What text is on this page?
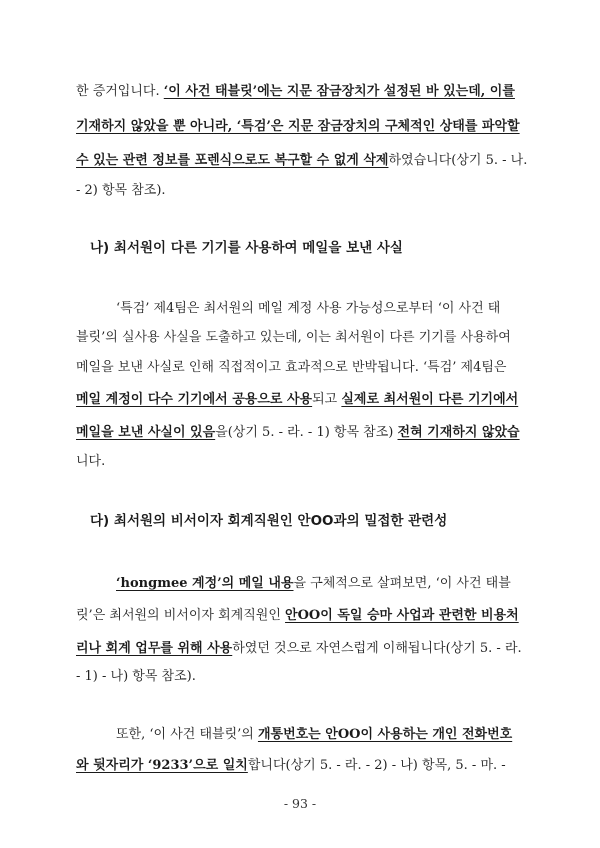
한 증거입니다. ‘이 사건 태블릿’에는 지문 잠금장치가 설정된 바 있는데, 이를
기재하지 않았을 뿐 아니라, ‘특검’은 지문 잠금장치의 구체적인 상태를 파악할
수 있는 관련 정보를 포렌식으로도 복구할 수 없게 삭제하였습니다(상기 5. - 나.
- 2) 항목 참조).
나) 최서원이 다른 기기를 사용하여 메일을 보낸 사실
‘특검’ 제4팀은 최서원의 메일 계정 사용 가능성으로부터 ‘이 사건 태
블릿’의 실사용 사실을 도출하고 있는데, 이는 최서원이 다른 기기를 사용하여
메일을 보낸 사실로 인해 직접적이고 효과적으로 반박됩니다. ‘특검’ 제4팀은
메일 계정이 다수 기기에서 공용으로 사용되고 실제로 최서원이 다른 기기에서
메일을 보낸 사실이 있음을(상기 5. - 라. - 1) 항목 참조) 전혀 기재하지 않았습
니다.
다) 최서원의 비서이자 회계직원인 안OO과의 밀접한 관련성
‘hongmee 계정’의 메일 내용을 구체적으로 살펴보면, ‘이 사건 태블
릿’은 최서원의 비서이자 회계직원인 안OO이 독일 승마 사업과 관련한 비용처
리나 회계 업무를 위해 사용하였던 것으로 자연스럽게 이해됩니다(상기 5. - 라.
- 1) - 나) 항목 참조).
또한, ‘이 사건 태블릿’의 개통번호는 안OO이 사용하는 개인 전화번호
와 뒷자리가 ‘9233’으로 일치합니다(상기 5. - 라. - 2) - 나) 항목, 5. - 마. -
- 93 -
